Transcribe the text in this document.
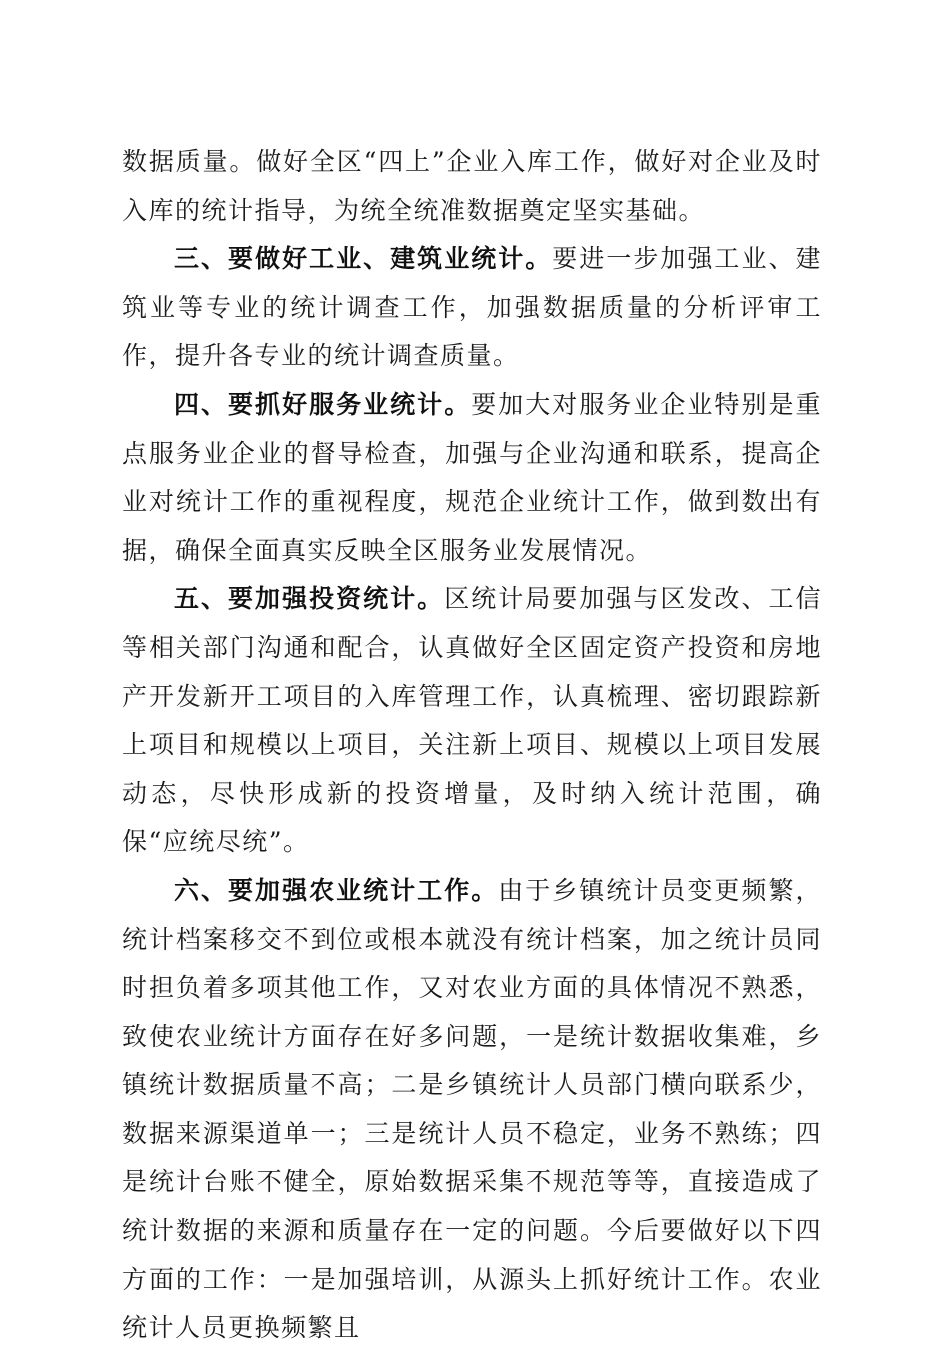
数据质量。做好全区“四上”企业入库工作，做好对企业及时入库的统计指导，为统全统准数据奠定坚实基础。

三、要做好工业、建筑业统计。要进一步加强工业、建筑业等专业的统计调查工作，加强数据质量的分析评审工作，提升各专业的统计调查质量。

四、要抓好服务业统计。要加大对服务业企业特别是重点服务业企业的督导检查，加强与企业沟通和联系，提高企业对统计工作的重视程度，规范企业统计工作，做到数出有据，确保全面真实反映全区服务业发展情况。

五、要加强投资统计。区统计局要加强与区发改、工信等相关部门沟通和配合，认真做好全区固定资产投资和房地产开发新开工项目的入库管理工作，认真梳理、密切跟踪新上项目和规模以上项目，关注新上项目、规模以上项目发展动态，尽快形成新的投资增量，及时纳入统计范围，确保“应统尽统”。

六、要加强农业统计工作。由于乡镇统计员变更频繁，统计档案移交不到位或根本就没有统计档案，加之统计员同时担负着多项其他工作，又对农业方面的具体情况不熟悉，致使农业统计方面存在好多问题，一是统计数据收集难，乡镇统计数据质量不高；二是乡镇统计人员部门横向联系少，数据来源渠道单一；三是统计人员不稳定，业务不熟练；四是统计台账不健全，原始数据采集不规范等等，直接造成了统计数据的来源和质量存在一定的问题。今后要做好以下四方面的工作：一是加强培训，从源头上抓好统计工作。农业统计人员更换频繁且
